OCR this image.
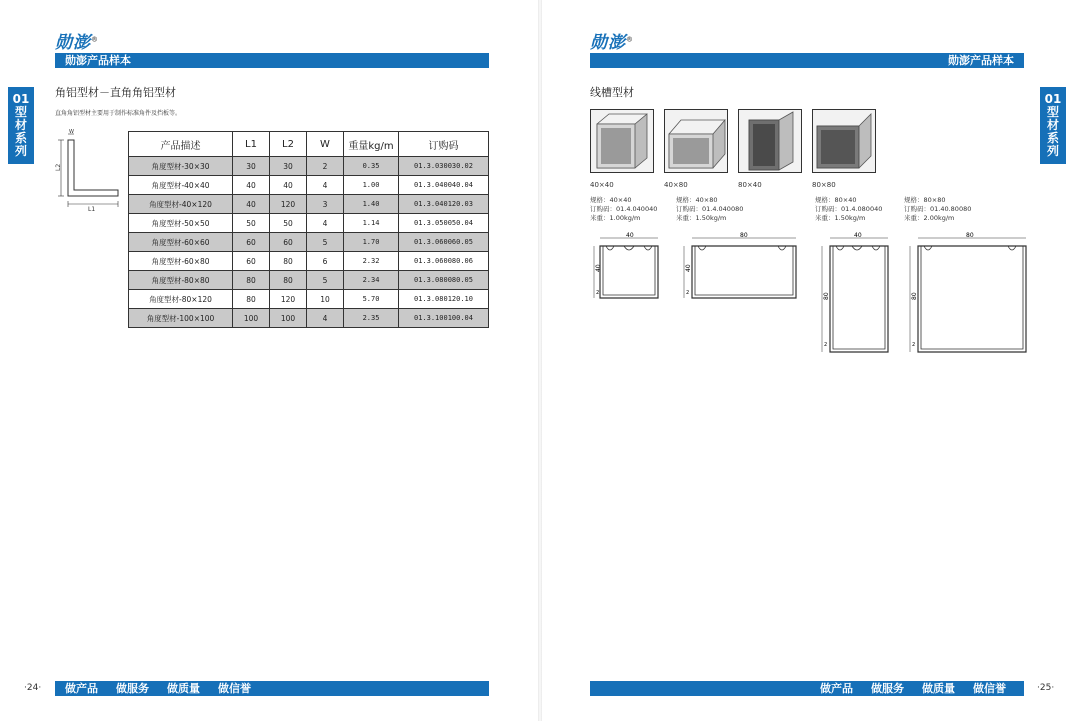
勋澎®
勋澎产品样本
01
型
材
系
列
角铝型材－直角角铝型材
直角角铝型材主要用于制作标准角件及挡板等。
L2
L1
W
产品描述	L1	L2	W	重量kg/m	订购码
角度型材-30×30	30	30	2	0.35	01.3.030030.02
角度型材-40×40	40	40	4	1.00	01.3.040040.04
角度型材-40×120	40	120	3	1.40	01.3.040120.03
角度型材-50×50	50	50	4	1.14	01.3.050050.04
角度型材-60×60	60	60	5	1.70	01.3.060060.05
角度型材-60×80	60	80	6	2.32	01.3.060080.06
角度型材-80×80	80	80	5	2.34	01.3.080080.05
角度型材-80×120	80	120	10	5.70	01.3.080120.10
角度型材-100×100	100	100	4	2.35	01.3.100100.04
做产品 做服务 做质量 做信誉
·24·
勋澎®
勋澎产品样本
01
型
材
系
列
线槽型材
40×40	40×80	80×40	80×80
规格：40×40
订购码：01.4.040040
米重：1.00kg/m
规格：40×80
订购码：01.4.040080
米重：1.50kg/m
规格：80×40
订购码：01.4.080040
米重：1.50kg/m
规格：80×80
订购码：01.40.80080
米重：2.00kg/m
40
40
2
80
40
2
40
80
2
80
80
2
做产品 做服务 做质量 做信誉	·25·
